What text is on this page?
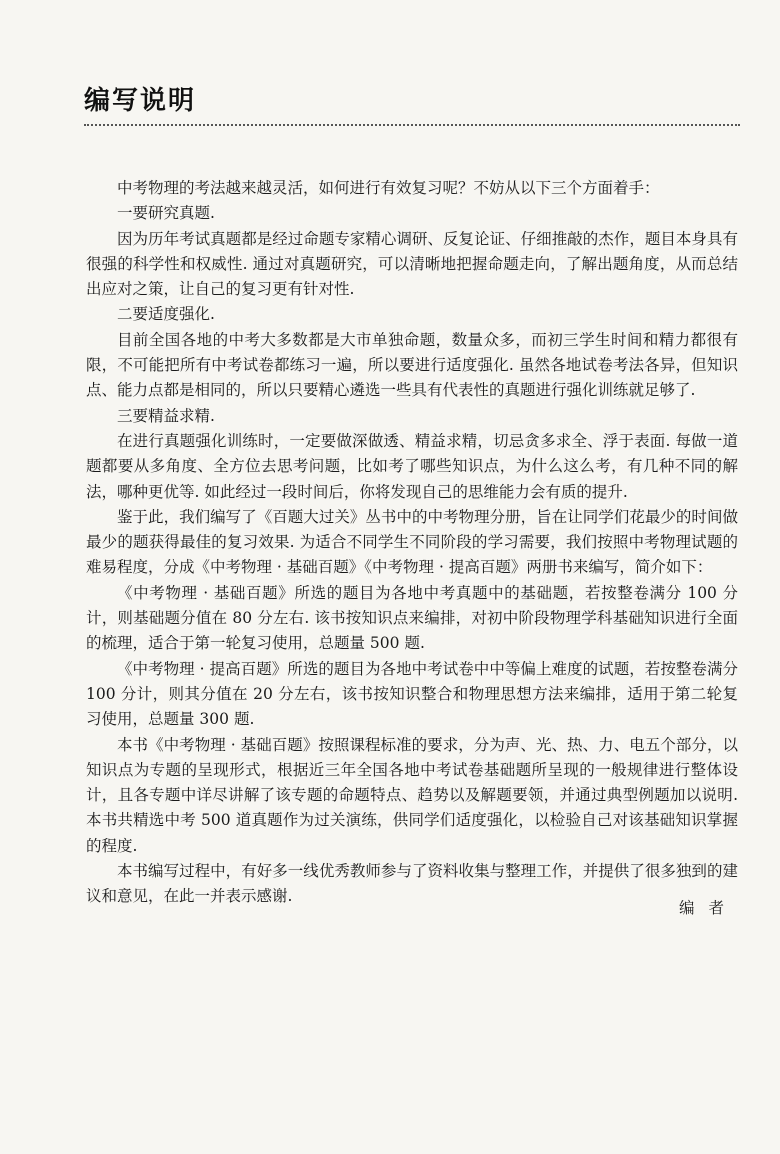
编写说明

中考物理的考法越来越灵活，如何进行有效复习呢？不妨从以下三个方面着手：

一要研究真题.

因为历年考试真题都是经过命题专家精心调研、反复论证、仔细推敲的杰作，题目本身具有很强的科学性和权威性. 通过对真题研究，可以清晰地把握命题走向，了解出题角度，从而总结出应对之策，让自己的复习更有针对性.

二要适度强化.

目前全国各地的中考大多数都是大市单独命题，数量众多，而初三学生时间和精力都很有限，不可能把所有中考试卷都练习一遍，所以要进行适度强化. 虽然各地试卷考法各异，但知识点、能力点都是相同的，所以只要精心遴选一些具有代表性的真题进行强化训练就足够了.

三要精益求精.

在进行真题强化训练时，一定要做深做透、精益求精，切忌贪多求全、浮于表面. 每做一道题都要从多角度、全方位去思考问题，比如考了哪些知识点，为什么这么考，有几种不同的解法，哪种更优等. 如此经过一段时间后，你将发现自己的思维能力会有质的提升.

鉴于此，我们编写了《百题大过关》丛书中的中考物理分册，旨在让同学们花最少的时间做最少的题获得最佳的复习效果. 为适合不同学生不同阶段的学习需要，我们按照中考物理试题的难易程度，分成《中考物理 · 基础百题》《中考物理 · 提高百题》两册书来编写，简介如下：

《中考物理 · 基础百题》所选的题目为各地中考真题中的基础题，若按整卷满分 100 分计，则基础题分值在 80 分左右. 该书按知识点来编排，对初中阶段物理学科基础知识进行全面的梳理，适合于第一轮复习使用，总题量 500 题.

《中考物理 · 提高百题》所选的题目为各地中考试卷中中等偏上难度的试题，若按整卷满分 100 分计，则其分值在 20 分左右，该书按知识整合和物理思想方法来编排，适用于第二轮复习使用，总题量 300 题.

本书《中考物理 · 基础百题》按照课程标准的要求，分为声、光、热、力、电五个部分，以知识点为专题的呈现形式，根据近三年全国各地中考试卷基础题所呈现的一般规律进行整体设计，且各专题中详尽讲解了该专题的命题特点、趋势以及解题要领，并通过典型例题加以说明. 本书共精选中考 500 道真题作为过关演练，供同学们适度强化，以检验自己对该基础知识掌握的程度.

本书编写过程中，有好多一线优秀教师参与了资料收集与整理工作，并提供了很多独到的建议和意见，在此一并表示感谢.

编者
